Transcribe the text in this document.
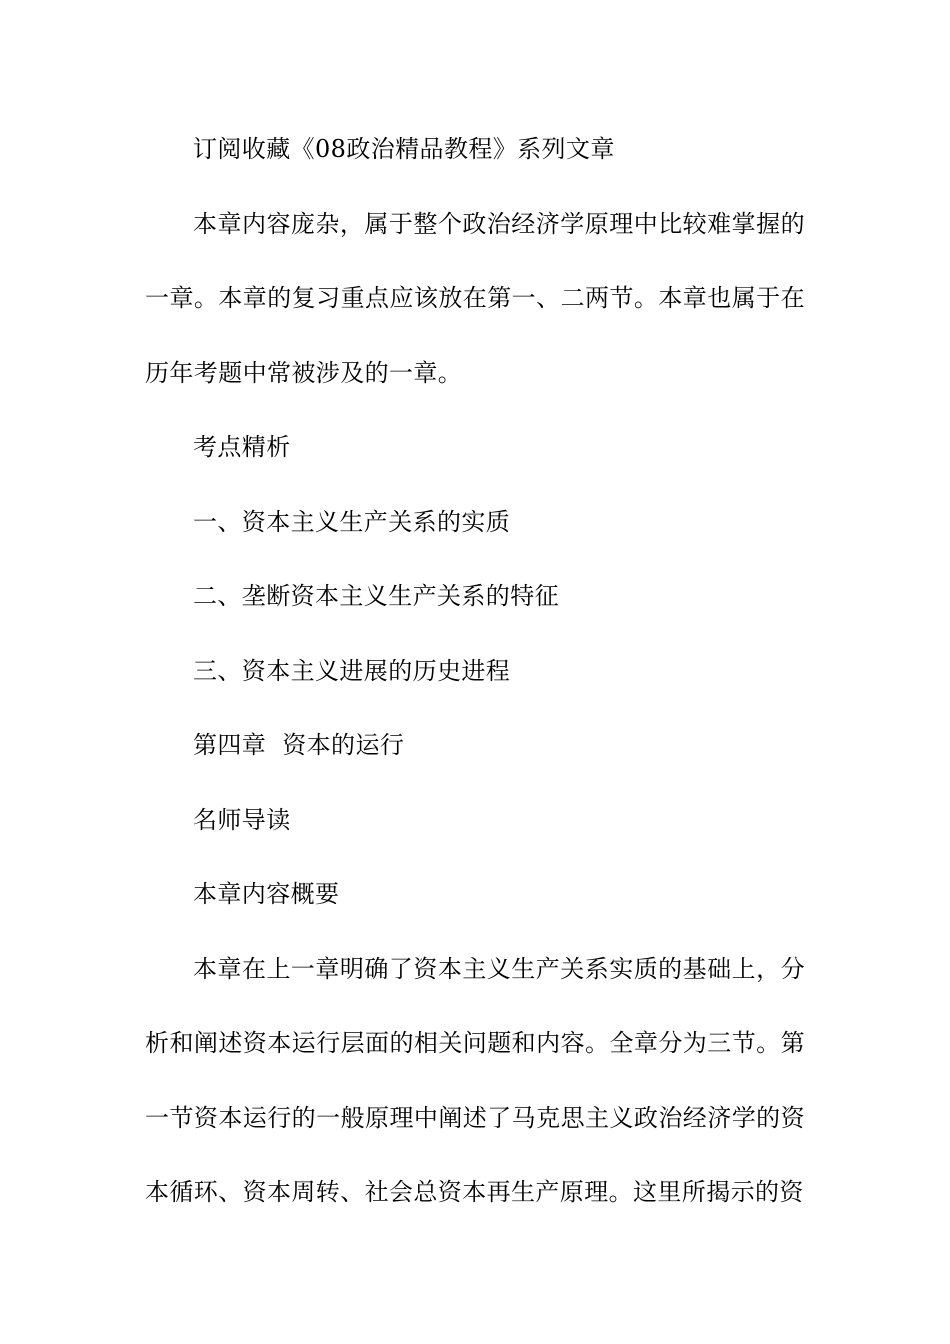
订阅收藏《08政治精品教程》系列文章

本章内容庞杂，属于整个政治经济学原理中比较难掌握的一章。本章的复习重点应该放在第一、二两节。本章也属于在历年考题中常被涉及的一章。

考点精析

一、资本主义生产关系的实质

二、垄断资本主义生产关系的特征

三、资本主义进展的历史进程

第四章  资本的运行

名师导读

本章内容概要

本章在上一章明确了资本主义生产关系实质的基础上，分析和阐述资本运行层面的相关问题和内容。全章分为三节。第一节资本运行的一般原理中阐述了马克思主义政治经济学的资本循环、资本周转、社会总资本再生产原理。这里所揭示的资
